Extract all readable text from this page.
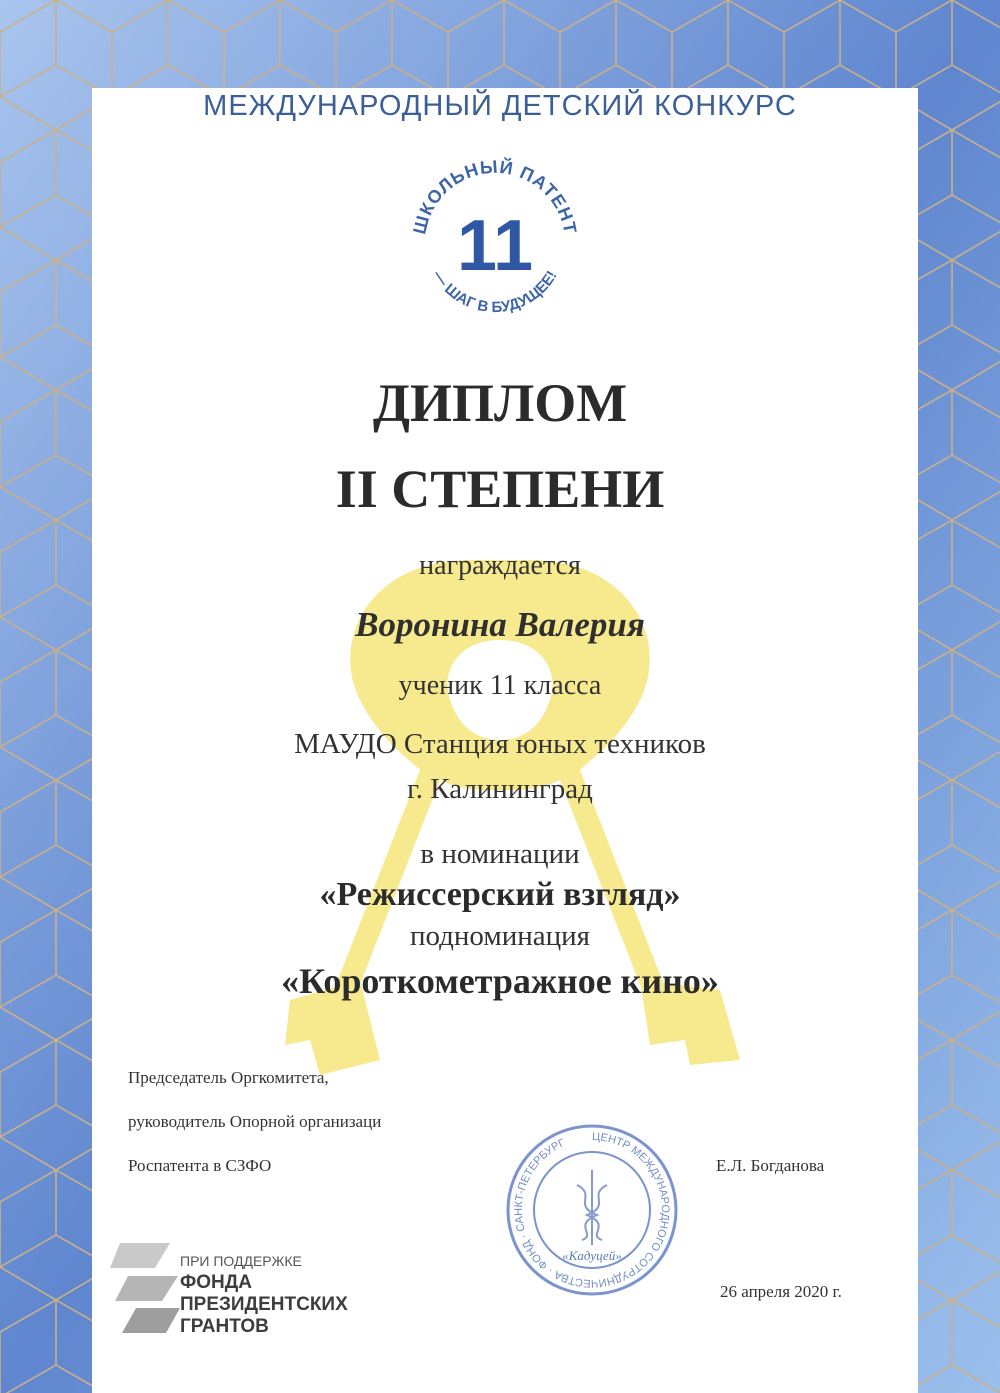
МЕЖДУНАРОДНЫЙ ДЕТСКИЙ КОНКУРС
ШКОЛЬНЫЙ ПАТЕНТ
— ШАГ В БУДУЩЕЕ!
11
ДИПЛОМ
II СТЕПЕНИ
награждается
Воронина Валерия
ученик 11 класса
МАУДО Станция юных техников
г. Калининград
в номинации
«Режиссерский взгляд»
подноминация
«Короткометражное кино»
Председатель Оргкомитета,
руководитель Опорной организаци
Роспатента в СЗФО	Е.Л. Богданова
26 апреля 2020 г.
ЦЕНТР МЕЖДУНАРОДНОГО СОТРУДНИЧЕСТВА · ФОНД · САНКТ-ПЕТЕРБУРГ
«Кадуцей»
ПРИ ПОДДЕРЖКЕ
ФОНДА
ПРЕЗИДЕНТСКИХ
ГРАНТОВ
